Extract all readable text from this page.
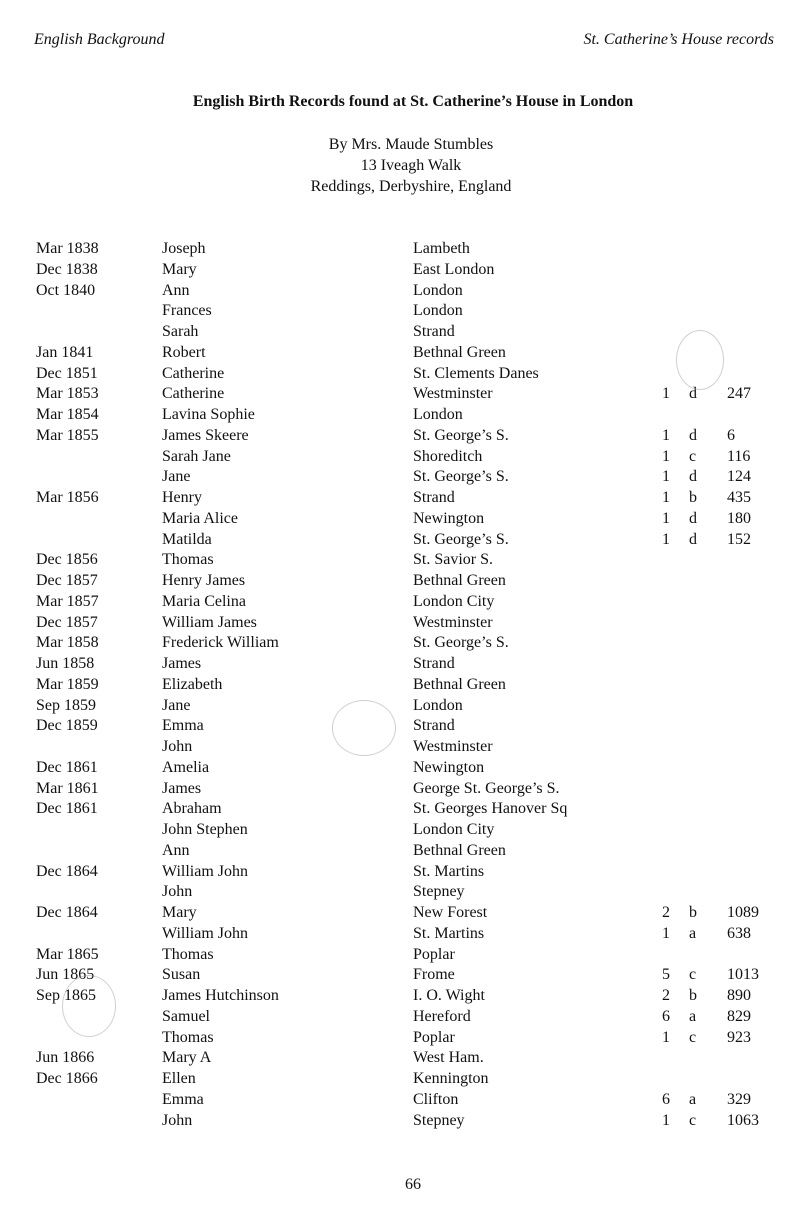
English Background	St. Catherine’s House records
English Birth Records found at St. Catherine’s House in London
By Mrs. Maude Stumbles
13 Iveagh Walk
Reddings, Derbyshire, England
Mar 1838	Joseph	Lambeth
Dec 1838	Mary	East London
Oct 1840	Ann	London
Frances	London
Sarah	Strand
Jan 1841	Robert	Bethnal Green
Dec 1851	Catherine	St. Clements Danes
Mar 1853	Catherine	Westminster	1 d 247
Mar 1854	Lavina Sophie	London
Mar 1855	James Skeere	St. George’s S.	1 d 6
Sarah Jane	Shoreditch	1 c 116
Jane	St. George’s S.	1 d 124
Mar 1856	Henry	Strand	1 b 435
Maria Alice	Newington	1 d 180
Matilda	St. George’s S.	1 d 152
Dec 1856	Thomas	St. Savior S.
Dec 1857	Henry James	Bethnal Green
Mar 1857	Maria Celina	London City
Dec 1857	William James	Westminster
Mar 1858	Frederick William	St. George’s S.
Jun 1858	James	Strand
Mar 1859	Elizabeth	Bethnal Green
Sep 1859	Jane	London
Dec 1859	Emma	Strand
John	Westminster
Dec 1861	Amelia	Newington
Mar 1861	James	George St. George’s S.
Dec 1861	Abraham	St. Georges Hanover Sq
John Stephen	London City
Ann	Bethnal Green
Dec 1864	William John	St. Martins
John	Stepney
Dec 1864	Mary	New Forest	2 b 1089
William John	St. Martins	1 a 638
Mar 1865	Thomas	Poplar
Jun 1865	Susan	Frome	5 c 1013
Sep 1865	James Hutchinson	I. O. Wight	2 b 890
Samuel	Hereford	6 a 829
Thomas	Poplar	1 c 923
Jun 1866	Mary A	West Ham.
Dec 1866	Ellen	Kennington
Emma	Clifton	6 a 329
John	Stepney	1 c 1063
66
